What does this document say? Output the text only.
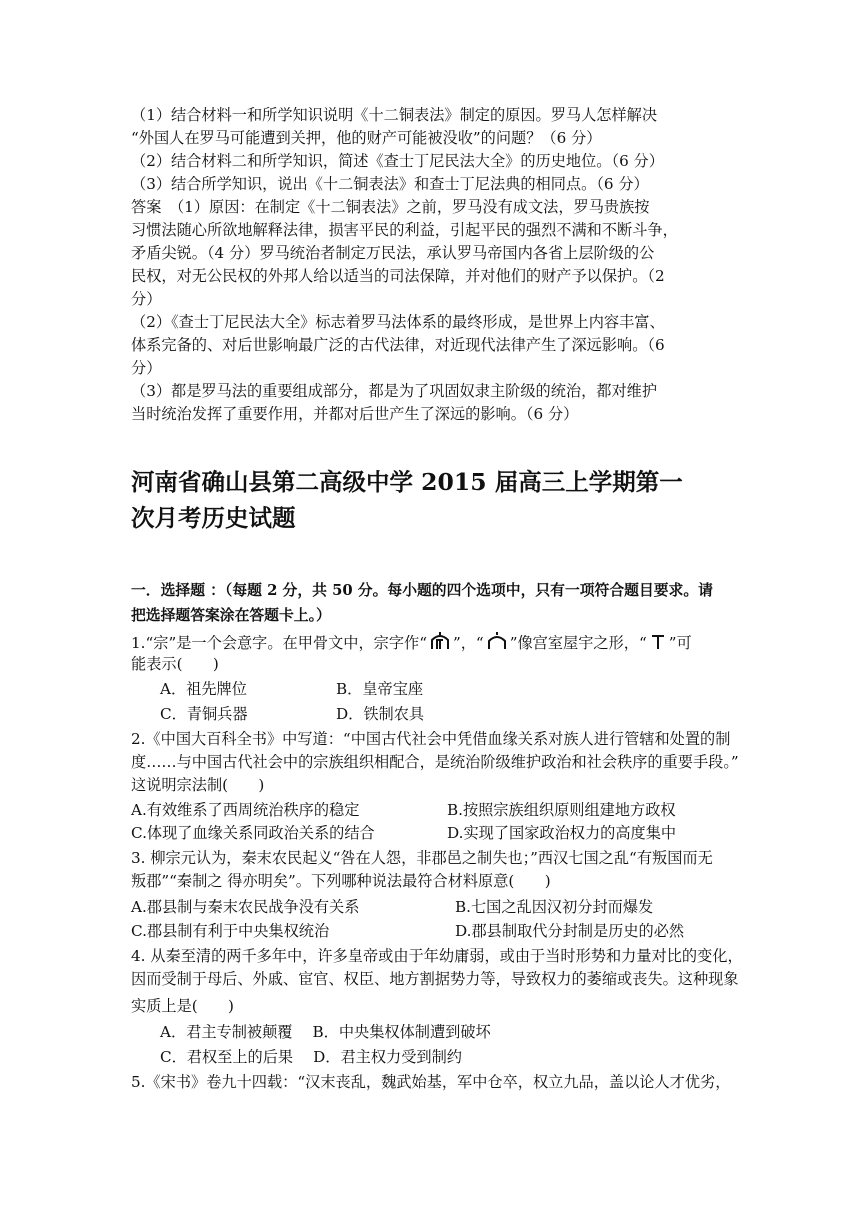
（1）结合材料一和所学知识说明《十二铜表法》制定的原因。罗马人怎样解决
“外国人在罗马可能遭到关押，他的财产可能被没收”的问题？（6 分）
（2）结合材料二和所学知识，简述《查士丁尼民法大全》的历史地位。（6 分）
（3）结合所学知识，说出《十二铜表法》和查士丁尼法典的相同点。（6 分）
答案　（1）原因：在制定《十二铜表法》之前，罗马没有成文法，罗马贵族按
习惯法随心所欲地解释法律，损害平民的利益，引起平民的强烈不满和不断斗争，
矛盾尖锐。（4 分）罗马统治者制定万民法，承认罗马帝国内各省上层阶级的公
民权，对无公民权的外邦人给以适当的司法保障，并对他们的财产予以保护。（2
分）
（2）《查士丁尼民法大全》标志着罗马法体系的最终形成，是世界上内容丰富、
体系完备的、对后世影响最广泛的古代法律，对近现代法律产生了深远影响。（6
分）
（3）都是罗马法的重要组成部分，都是为了巩固奴隶主阶级的统治，都对维护
当时统治发挥了重要作用，并都对后世产生了深远的影响。（6 分）
河南省确山县第二高级中学 2015 届高三上学期第一
次月考历史试题
一．选择题 ：（每题 2 分，共 50 分。每小题的四个选项中，只有一项符合题目要求。请
把选择题答案涂在答题卡上。）
1.“宗”是一个会意字。在甲骨文中，宗字作“ ”，“ ”像宫室屋宇之形，“ ”可
能表示(　　)
A．祖先牌位	B．皇帝宝座
C．青铜兵器	D．铁制农具
2.《中国大百科全书》中写道：“中国古代社会中凭借血缘关系对族人进行管辖和处置的制
度……与中国古代社会中的宗族组织相配合，是统治阶级维护政治和社会秩序的重要手段。”
这说明宗法制(　　)
A.有效维系了西周统治秩序的稳定	B.按照宗族组织原则组建地方政权
C.体现了血缘关系同政治关系的结合	D.实现了国家政治权力的高度集中
3. 柳宗元认为，秦末农民起义“咎在人怨，非郡邑之制失也；”西汉七国之乱“有叛国而无
叛郡”“秦制之 得亦明矣”。下列哪种说法最符合材料原意(　　)
A.郡县制与秦末农民战争没有关系	B.七国之乱因汉初分封而爆发
C.郡县制有利于中央集权统治	D.郡县制取代分封制是历史的必然
4. 从秦至清的两千多年中，许多皇帝或由于年幼庸弱，或由于当时形势和力量对比的变化，
因而受制于母后、外戚、宦官、权臣、地方割据势力等，导致权力的萎缩或丧失。这种现象
实质上是(　　)
A．君主专制被颠覆　 B．中央集权体制遭到破坏
C．君权至上的后果　 D．君主权力受到制约
5.《宋书》卷九十四载：“汉末丧乱，魏武始基，军中仓卒，权立九品，盖以论人才优劣，
